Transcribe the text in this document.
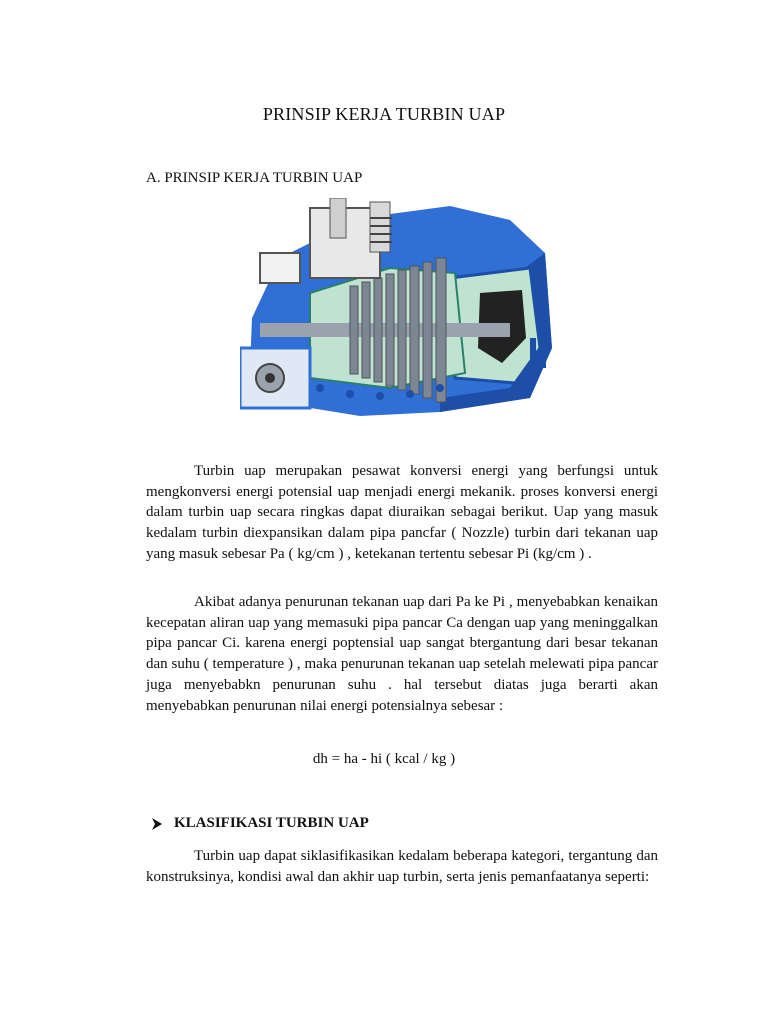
PRINSIP KERJA TURBIN UAP
A. PRINSIP KERJA TURBIN UAP

Turbin uap merupakan pesawat konversi energi yang berfungsi untuk mengkonversi energi potensial uap menjadi energi mekanik. proses konversi energi dalam turbin uap secara ringkas dapat diuraikan sebagai berikut. Uap yang masuk kedalam turbin diexpansikan dalam pipa pancfar ( Nozzle) turbin dari tekanan uap yang masuk sebesar Pa ( kg/cm ) , ketekanan tertentu sebesar Pi (kg/cm ) .

Akibat adanya penurunan tekanan uap dari Pa ke Pi , menyebabkan kenaikan kecepatan aliran uap yang memasuki pipa pancar Ca dengan uap yang meninggalkan pipa pancar Ci. karena energi poptensial uap sangat btergantung dari besar tekanan dan suhu ( temperature ) , maka penurunan tekanan uap setelah melewati pipa pancar juga menyebabkn penurunan suhu . hal tersebut diatas juga berarti akan menyebabkan penurunan nilai energi potensialnya sebesar :

dh = ha - hi ( kcal / kg )
KLASIFIKASI TURBIN UAP

Turbin uap dapat siklasifikasikan kedalam beberapa kategori, tergantung dan konstruksinya, kondisi awal dan akhir uap turbin, serta jenis pemanfaatanya seperti:
